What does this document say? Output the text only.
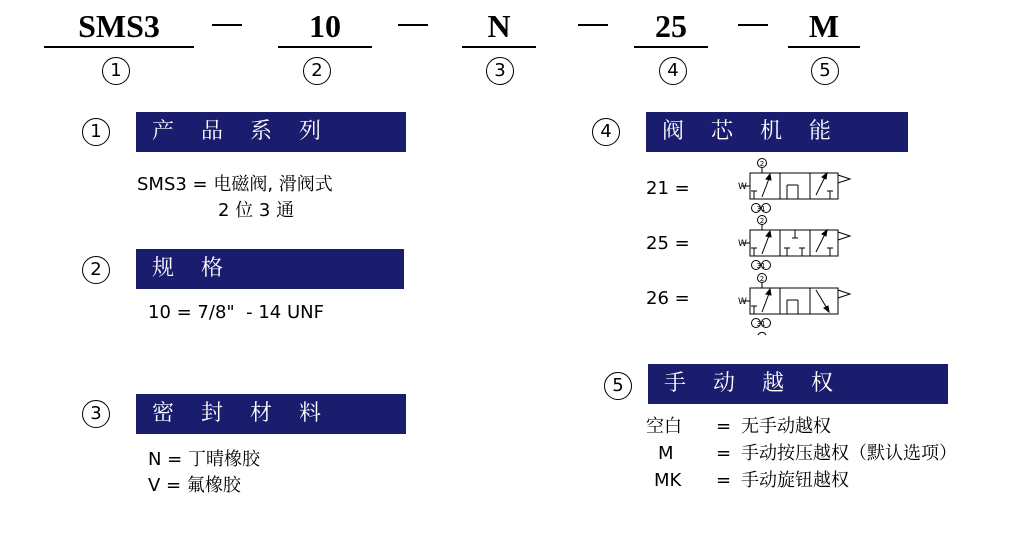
SMS3	10	N	25	M
1	2	3	4	5
1	产 品 系 列
SMS3 = 电磁阀, 滑阀式
2 位 3 通
2	规 格
10 = 7/8"  - 14 UNF
3	密 封 材 料
N = 丁晴橡胶
V = 氟橡胶
4	阀 芯 机 能
21 =
25 =
26 =
2
W
31
2
W
31
2
W
31
5	手 动 越 权
空白 = 无手动越权
M = 手动按压越权（默认选项）
MK = 手动旋钮越权
